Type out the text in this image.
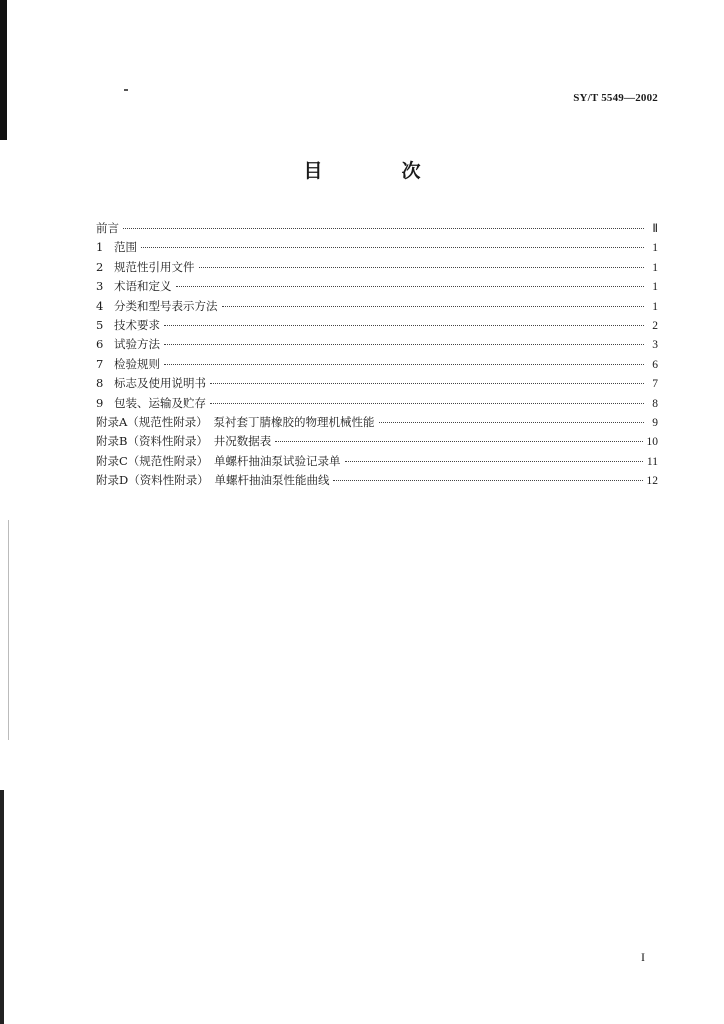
SY/T 5549—2002
目　次
前言	Ⅱ
1 范围	1
2 规范性引用文件	1
3 术语和定义	1
4 分类和型号表示方法	1
5 技术要求	2
6 试验方法	3
7 检验规则	6
8 标志及使用说明书	7
9 包装、运输及贮存	8
附录A（规范性附录）　泵衬套丁腈橡胶的物理机械性能	9
附录B（资料性附录）　井况数据表	10
附录C（规范性附录）　单螺杆抽油泵试验记录单	11
附录D（资料性附录）　单螺杆抽油泵性能曲线	12
I
